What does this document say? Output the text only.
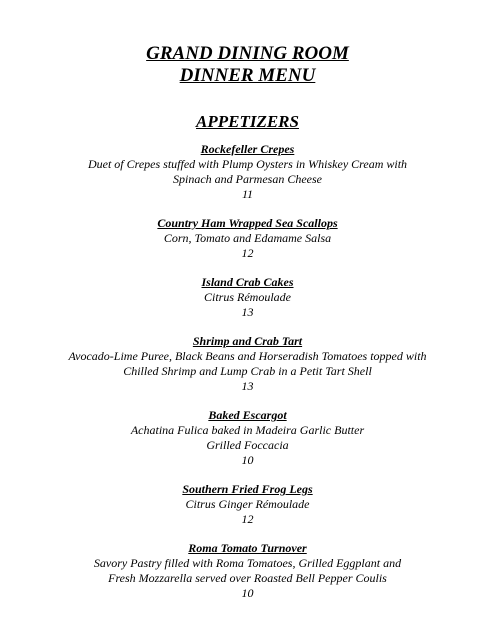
GRAND DINING ROOM
DINNER MENU
APPETIZERS
Rockefeller Crepes
Duet of Crepes stuffed with Plump Oysters in Whiskey Cream with
Spinach and Parmesan Cheese
11
Country Ham Wrapped Sea Scallops
Corn, Tomato and Edamame Salsa
12
Island Crab Cakes
Citrus Rémoulade
13
Shrimp and Crab Tart
Avocado-Lime Puree, Black Beans and Horseradish Tomatoes topped with
Chilled Shrimp and Lump Crab in a Petit Tart Shell
13
Baked Escargot
Achatina Fulica baked in Madeira Garlic Butter
Grilled Foccacia
10
Southern Fried Frog Legs
Citrus Ginger Rémoulade
12
Roma Tomato Turnover
Savory Pastry filled with Roma Tomatoes, Grilled Eggplant and
Fresh Mozzarella served over Roasted Bell Pepper Coulis
10
